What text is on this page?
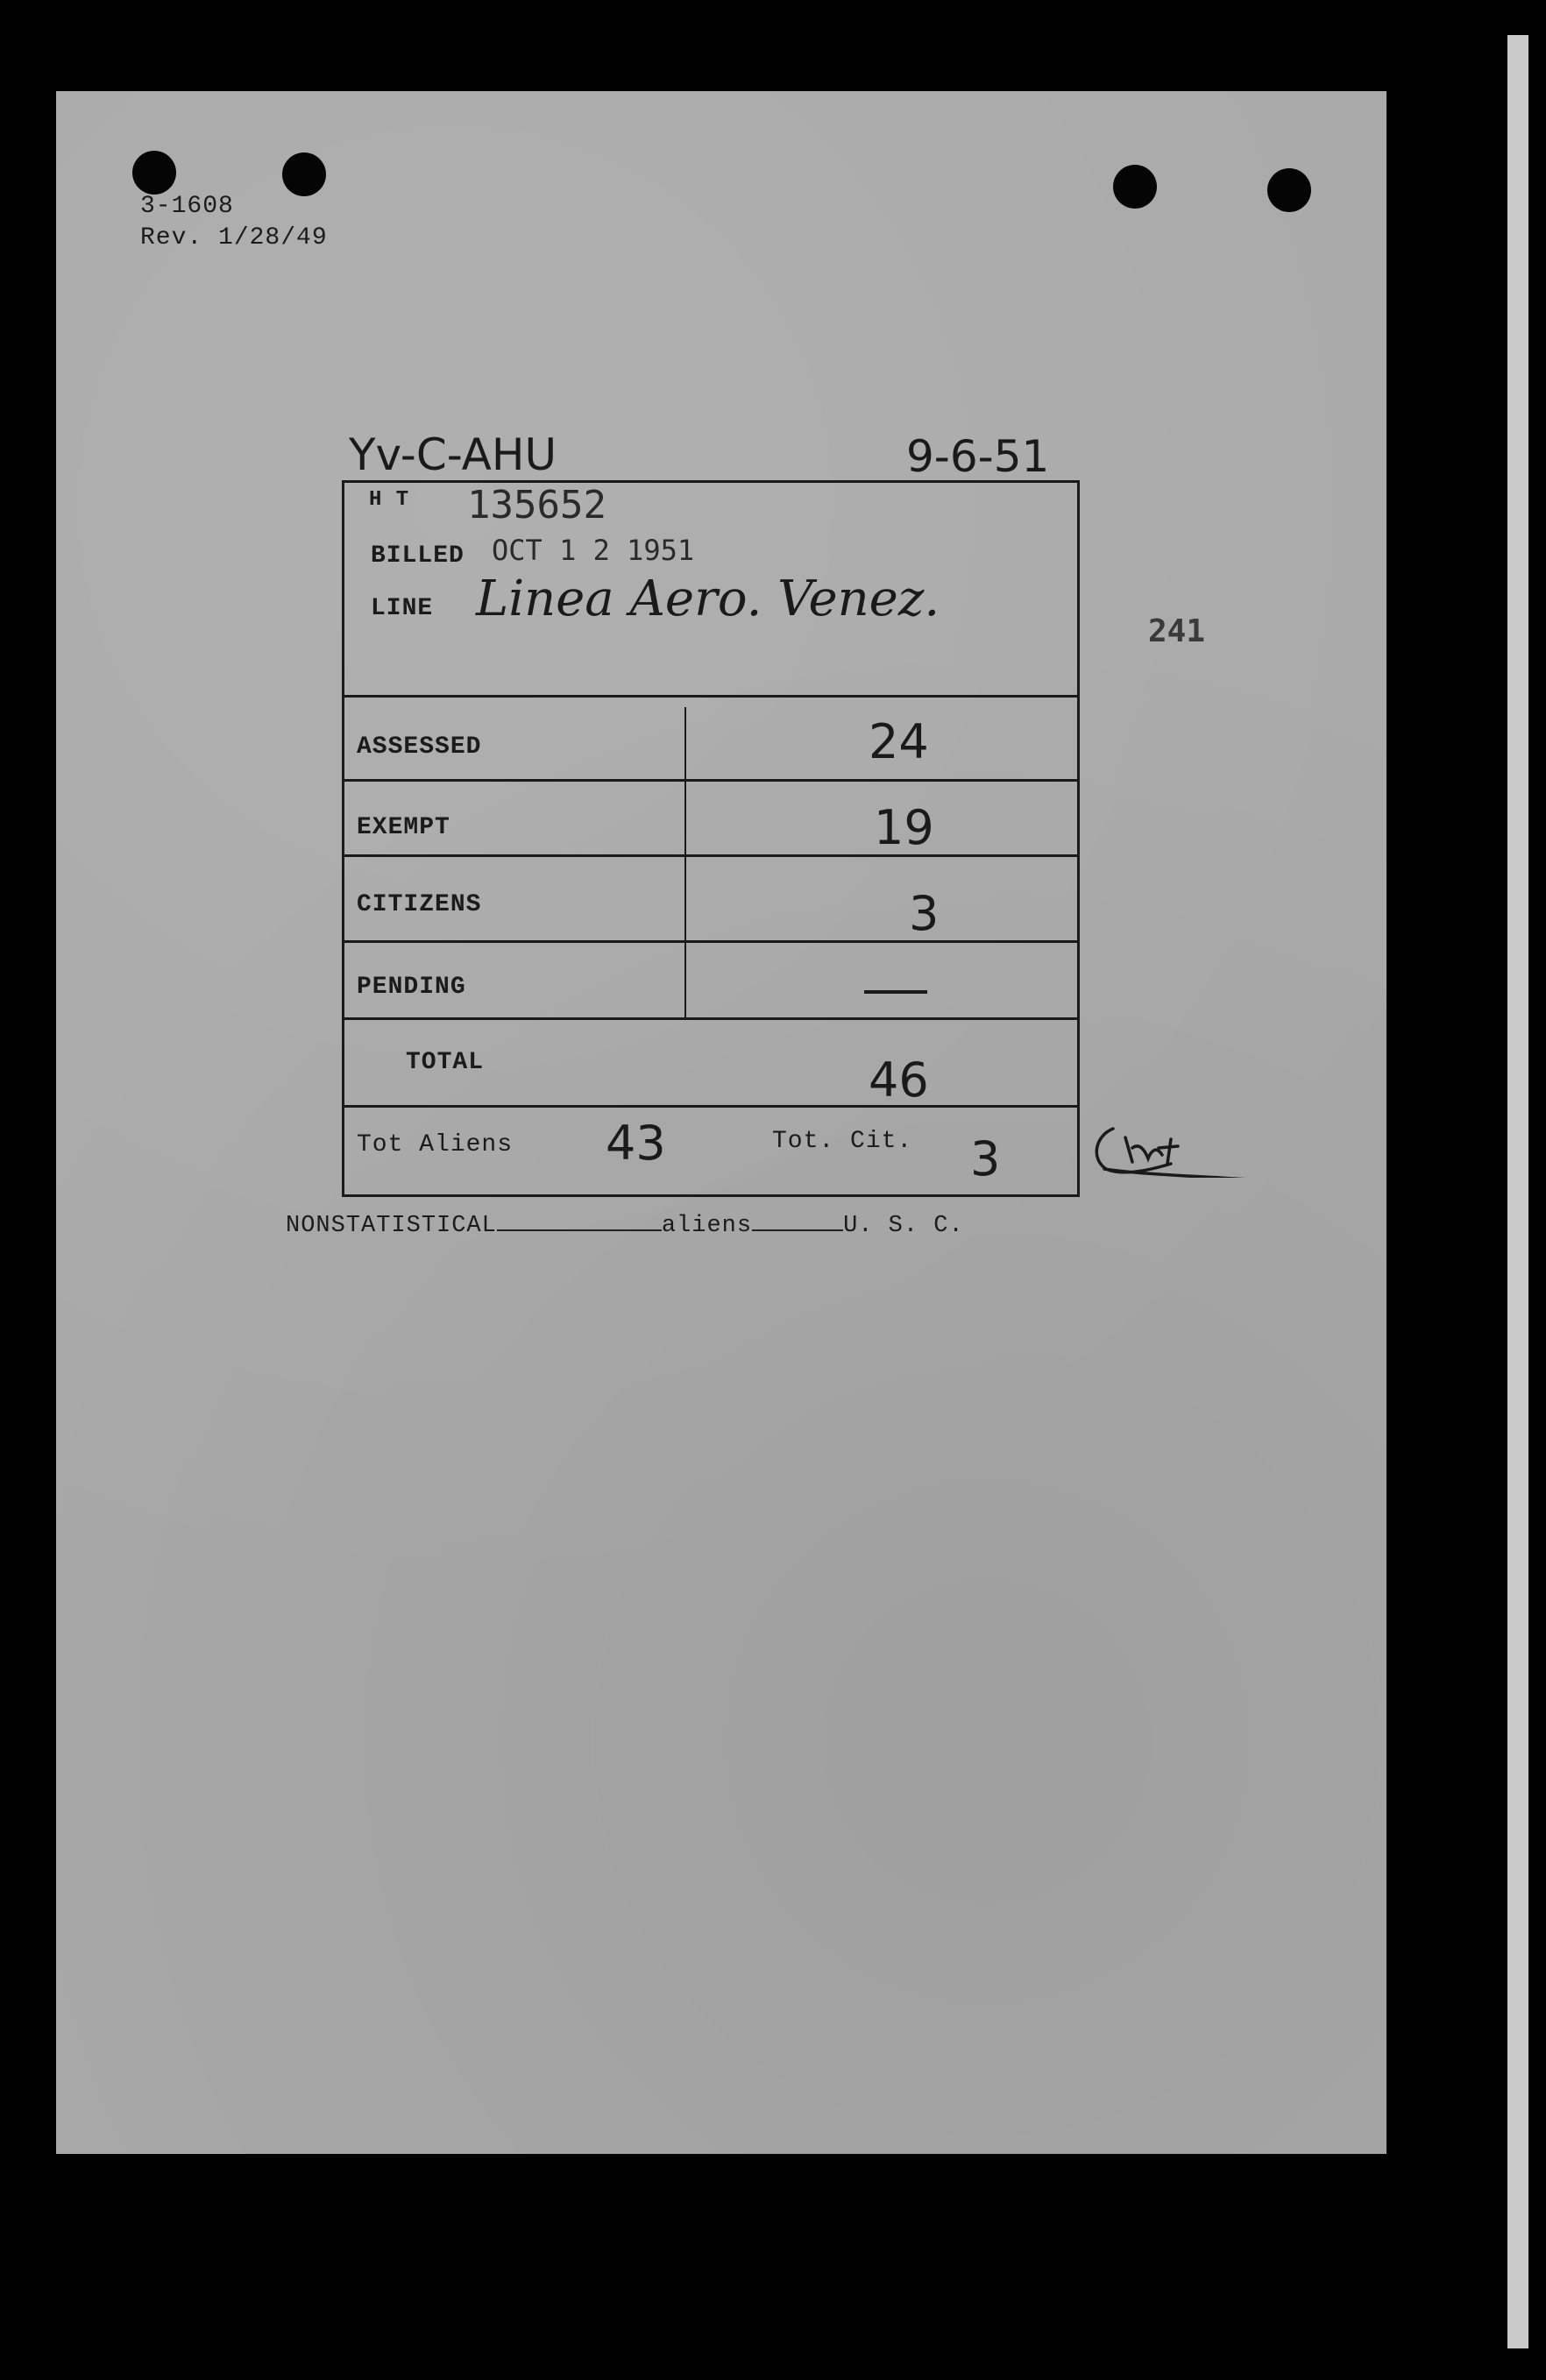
3-1608
Rev. 1/28/49
Yv-C-AHU	9-6-51
241
H T 135652
BILLED OCT 1 2 1951
LINE Linea Aero. Venez.
ASSESSED	24
EXEMPT	19
CITIZENS	3
PENDING
TOTAL	46
Tot Aliens 43	Tot. Cit. 3
NONSTATISTICAL	aliens	U. S. C.
